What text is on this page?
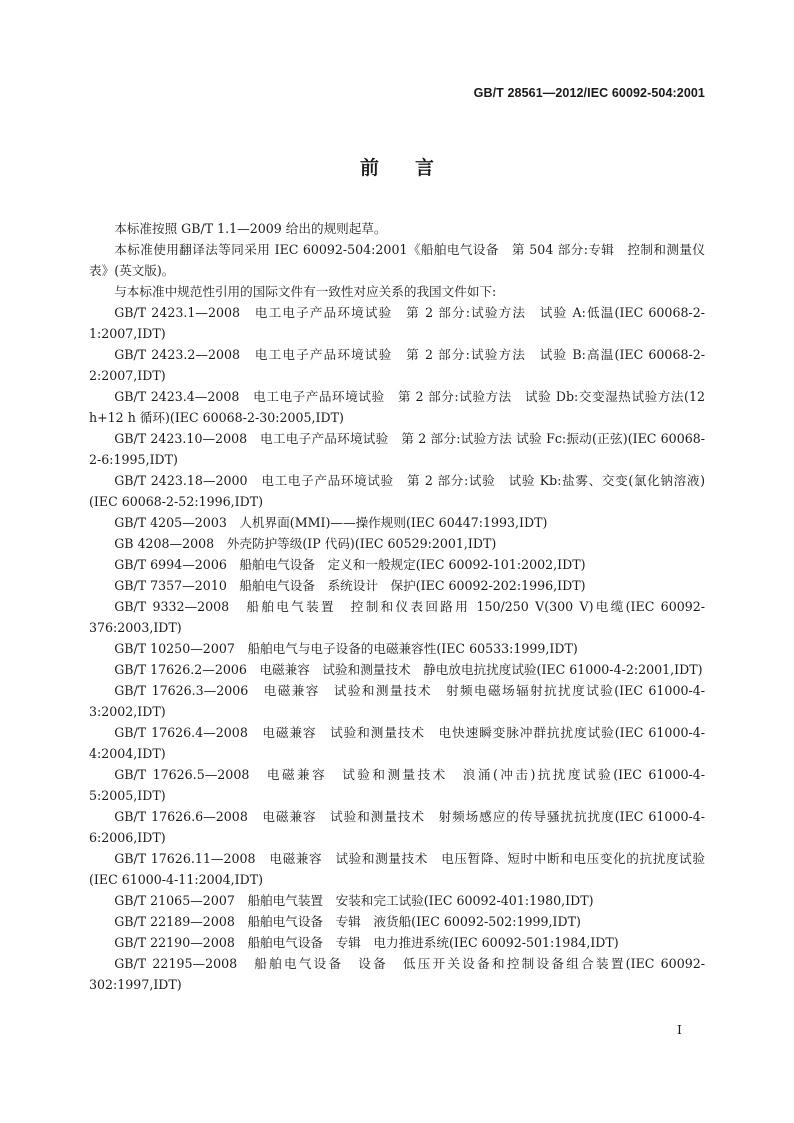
GB/T 28561—2012/IEC 60092-504:2001
前 言

本标准按照 GB/T 1.1—2009 给出的规则起草。

本标准使用翻译法等同采用 IEC 60092-504:2001《船舶电气设备　第 504 部分:专辑　控制和测量仪表》(英文版)。

与本标准中规范性引用的国际文件有一致性对应关系的我国文件如下:

GB/T 2423.1—2008　电工电子产品环境试验　第 2 部分:试验方法　试验 A:低温(IEC 60068-2-1:2007,IDT)

GB/T 2423.2—2008　电工电子产品环境试验　第 2 部分:试验方法　试验 B:高温(IEC 60068-2-2:2007,IDT)

GB/T 2423.4—2008　电工电子产品环境试验　第 2 部分:试验方法　试验 Db:交变湿热试验方法(12 h+12 h 循环)(IEC 60068-2-30:2005,IDT)

GB/T 2423.10—2008　电工电子产品环境试验　第 2 部分:试验方法 试验 Fc:振动(正弦)(IEC 60068-2-6:1995,IDT)

GB/T 2423.18—2000　电工电子产品环境试验　第 2 部分:试验　试验 Kb:盐雾、交变(氯化钠溶液)(IEC 60068-2-52:1996,IDT)

GB/T 4205—2003　人机界面(MMI)——操作规则(IEC 60447:1993,IDT)

GB 4208—2008　外壳防护等级(IP 代码)(IEC 60529:2001,IDT)

GB/T 6994—2006　船舶电气设备　定义和一般规定(IEC 60092-101:2002,IDT)

GB/T 7357—2010　船舶电气设备　系统设计　保护(IEC 60092-202:1996,IDT)

GB/T 9332—2008　船舶电气装置　控制和仪表回路用 150/250 V(300 V)电缆(IEC 60092-376:2003,IDT)

GB/T 10250—2007　船舶电气与电子设备的电磁兼容性(IEC 60533:1999,IDT)

GB/T 17626.2—2006　电磁兼容　试验和测量技术　静电放电抗扰度试验(IEC 61000-4-2:2001,IDT)

GB/T 17626.3—2006　电磁兼容　试验和测量技术　射频电磁场辐射抗扰度试验(IEC 61000-4-3:2002,IDT)

GB/T 17626.4—2008　电磁兼容　试验和测量技术　电快速瞬变脉冲群抗扰度试验(IEC 61000-4-4:2004,IDT)

GB/T 17626.5—2008　电磁兼容　试验和测量技术　浪涌(冲击)抗扰度试验(IEC 61000-4-5:2005,IDT)

GB/T 17626.6—2008　电磁兼容　试验和测量技术　射频场感应的传导骚扰抗扰度(IEC 61000-4-6:2006,IDT)

GB/T 17626.11—2008　电磁兼容　试验和测量技术　电压暂降、短时中断和电压变化的抗扰度试验(IEC 61000-4-11:2004,IDT)

GB/T 21065—2007　船舶电气装置　安装和完工试验(IEC 60092-401:1980,IDT)

GB/T 22189—2008　船舶电气设备　专辑　液货船(IEC 60092-502:1999,IDT)

GB/T 22190—2008　船舶电气设备　专辑　电力推进系统(IEC 60092-501:1984,IDT)

GB/T 22195—2008　船舶电气设备　设备　低压开关设备和控制设备组合装置(IEC 60092-302:1997,IDT)

I
